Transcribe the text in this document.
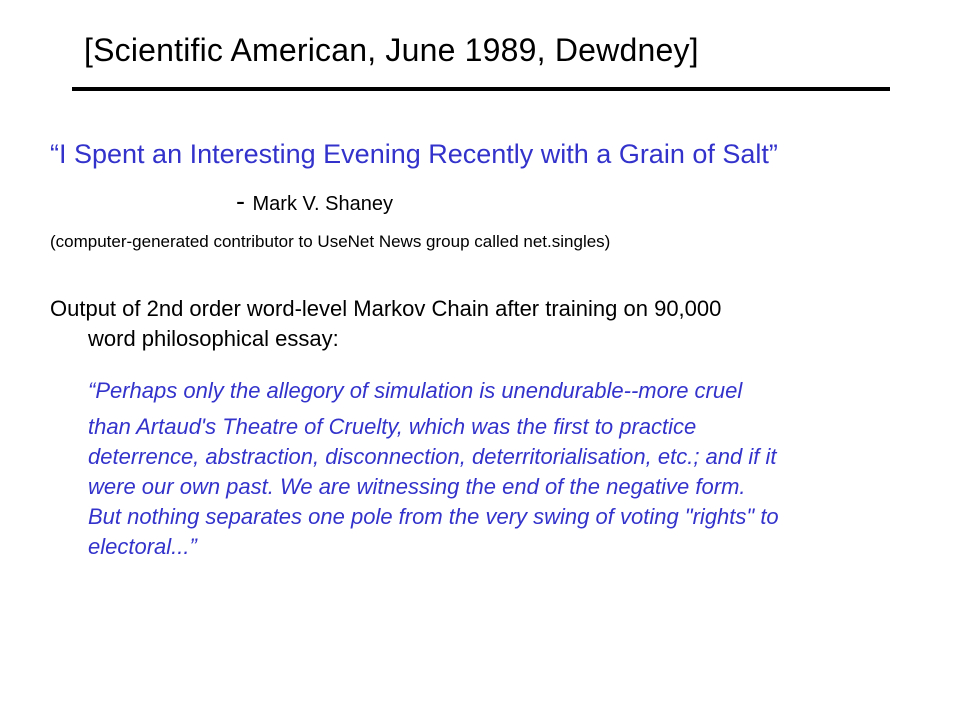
[Scientific American, June 1989, Dewdney]
“I Spent an Interesting Evening Recently with a Grain of Salt”
- Mark V. Shaney
(computer-generated contributor to UseNet News group called net.singles)
Output of 2nd order word-level Markov Chain after training on 90,000
word philosophical essay:
“Perhaps only the allegory of simulation is unendurable--more cruel
than Artaud's Theatre of Cruelty, which was the first to practice
deterrence, abstraction, disconnection, deterritorialisation, etc.; and if it
were our own past. We are witnessing the end of the negative form.
But nothing separates one pole from the very swing of voting "rights" to
electoral...”
